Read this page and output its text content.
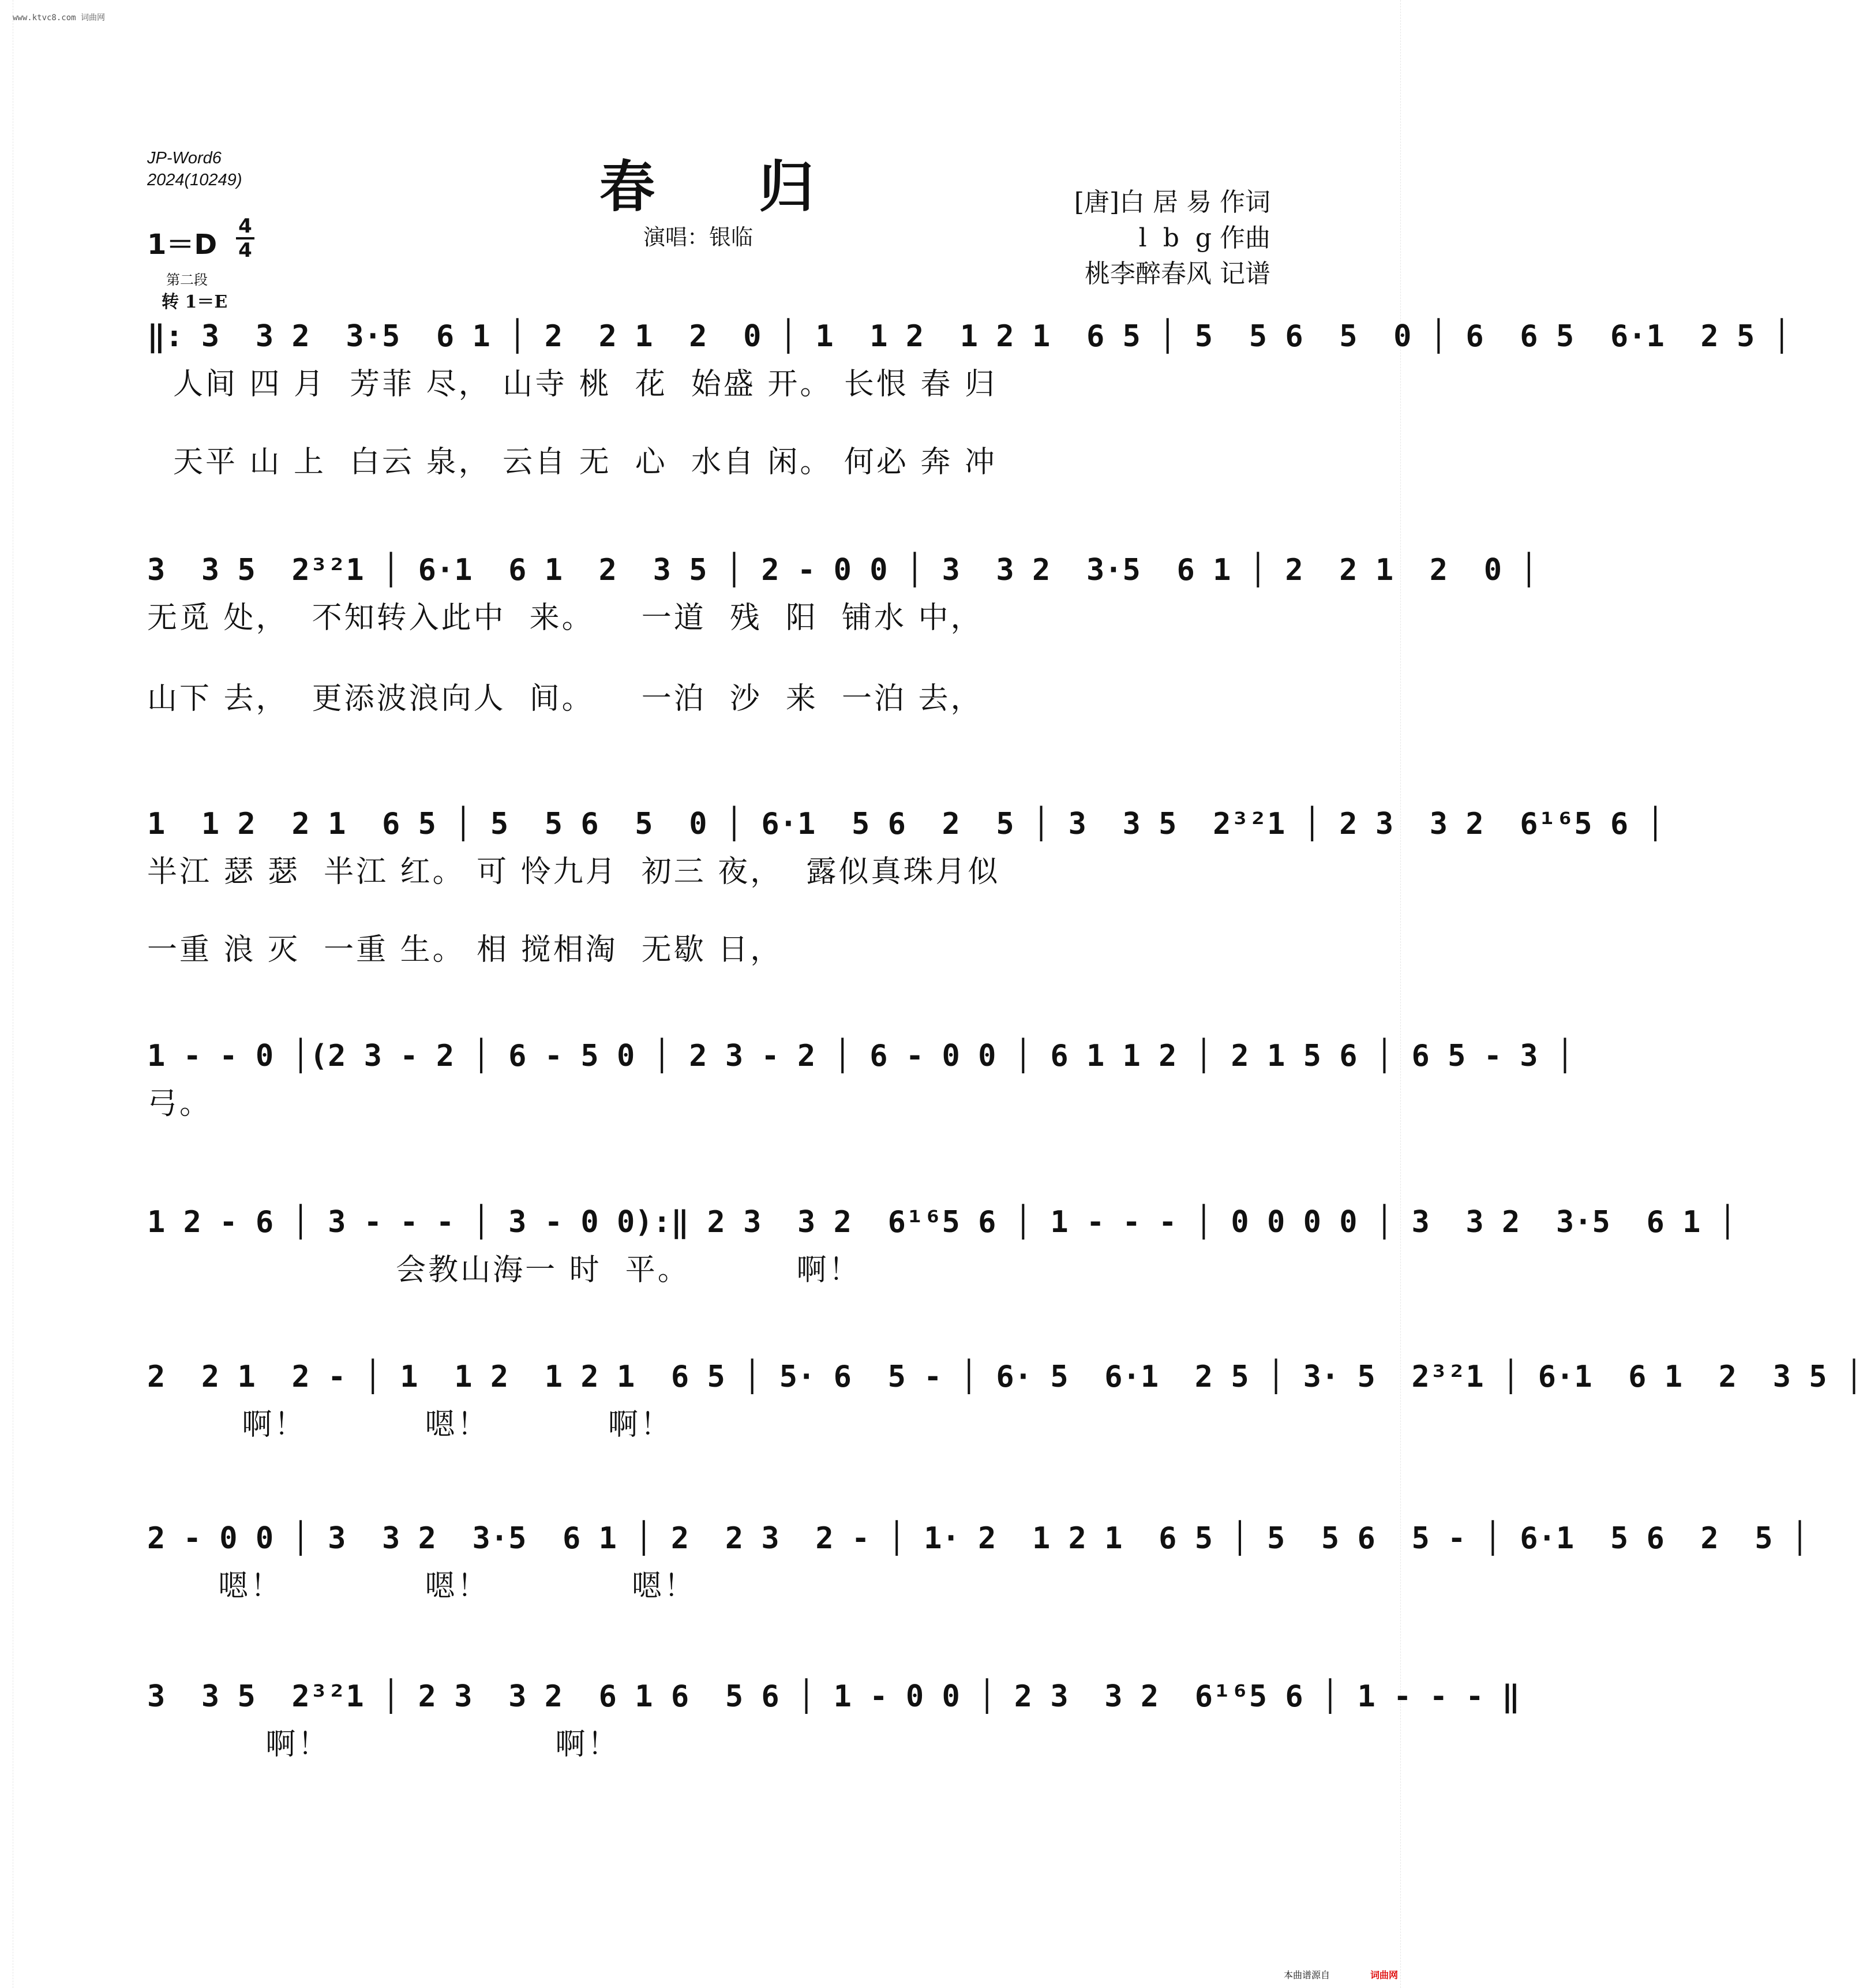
www.ktvc8.com 词曲网
JP-Word6
2024(10249)	春归
演唱：银临
[唐]白 居 易 作词
l  b  g 作曲
桃李醉春风 记谱
1＝D
4
4
第二段
转 1＝E
‖: 3  3 2  3·5  6 1 │ 2  2 1  2  0 │ 1  1 2  1 2 1  6 5 │ 5  5 6  5  0 │ 6  6 5  6·1  2 5 │
人间 四 月  芳菲 尽， 山寺 桃  花  始盛 开。 长恨 春 归
天平 山 上  白云 泉， 云自 无  心  水自 闲。 何必 奔 冲
3  3 5  2³²1 │ 6·1  6 1  2  3 5 │ 2 - 0 0 │ 3  3 2  3·5  6 1 │ 2  2 1  2  0 │
无觅 处，  不知转入此中  来。    一道  残  阳  铺水 中，
山下 去，  更添波浪向人  间。    一泊  沙  来  一泊 去，
1  1 2  2 1  6 5 │ 5  5 6  5  0 │ 6·1  5 6  2  5 │ 3  3 5  2³²1 │ 2 3  3 2  6¹⁶5 6 │
半江 瑟 瑟  半江 红。 可 怜九月  初三 夜，  露似真珠月似
一重 浪 灭  一重 生。 相 搅相淘  无歇 日，
1 - - 0 │(2 3 - 2 │ 6 - 5 0 │ 2 3 - 2 │ 6 - 0 0 │ 6 1 1 2 │ 2 1 5 6 │ 6 5 - 3 │
弓。
1 2 - 6 │ 3 - - - │ 3 - 0 0):‖ 2 3  3 2  6¹⁶5 6 │ 1 - - - │ 0 0 0 0 │ 3  3 2  3·5  6 1 │
会教山海一 时  平。         啊！
2  2 1  2 - │ 1  1 2  1 2 1  6 5 │ 5· 6  5 - │ 6· 5  6·1  2 5 │ 3· 5  2³²1 │ 6·1  6 1  2  3 5 │
啊！          嗯！          啊！
2 - 0 0 │ 3  3 2  3·5  6 1 │ 2  2 3  2 - │ 1· 2  1 2 1  6 5 │ 5  5 6  5 - │ 6·1  5 6  2  5 │
嗯！            嗯！            嗯！
3  3 5  2³²1 │ 2 3  3 2  6 1 6  5 6 │ 1 - 0 0 │ 2 3  3 2  6¹⁶5 6 │ 1 - - - ‖
啊！                   啊！
本曲谱源自	词曲网
